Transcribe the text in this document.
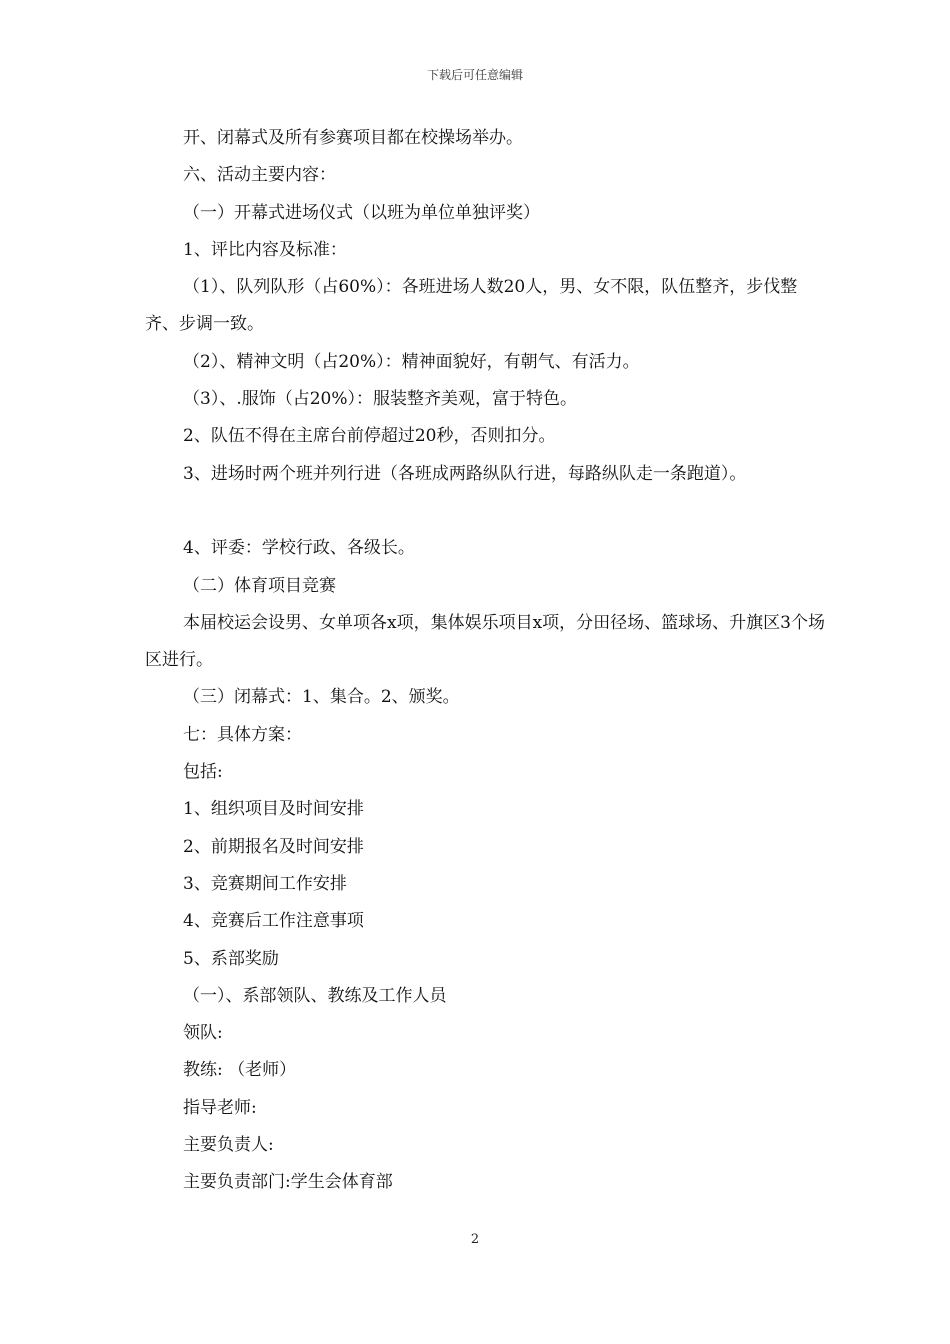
下载后可任意编辑

开、闭幕式及所有参赛项目都在校操场举办。

六、活动主要内容：

（一）开幕式进场仪式（以班为单位单独评奖）

1、评比内容及标准：

（1）、队列队形（占60%）：各班进场人数20人，男、女不限，队伍整齐，步伐整齐、步调一致。

（2）、精神文明（占20%）：精神面貌好，有朝气、有活力。

（3）、.服饰（占20%）：服装整齐美观，富于特色。

2、队伍不得在主席台前停超过20秒，否则扣分。

3、进场时两个班并列行进（各班成两路纵队行进，每路纵队走一条跑道）。

4、评委：学校行政、各级长。

（二）体育项目竞赛

本届校运会设男、女单项各x项，集体娱乐项目x项，分田径场、篮球场、升旗区3个场区进行。

（三）闭幕式：1、集合。2、颁奖。

七：具体方案：

包括:

1、组织项目及时间安排

2、前期报名及时间安排

3、竞赛期间工作安排

4、竞赛后工作注意事项

5、系部奖励

（一）、系部领队、教练及工作人员

领队:

教练: （老师）

指导老师:

主要负责人:

主要负责部门:学生会体育部

2
